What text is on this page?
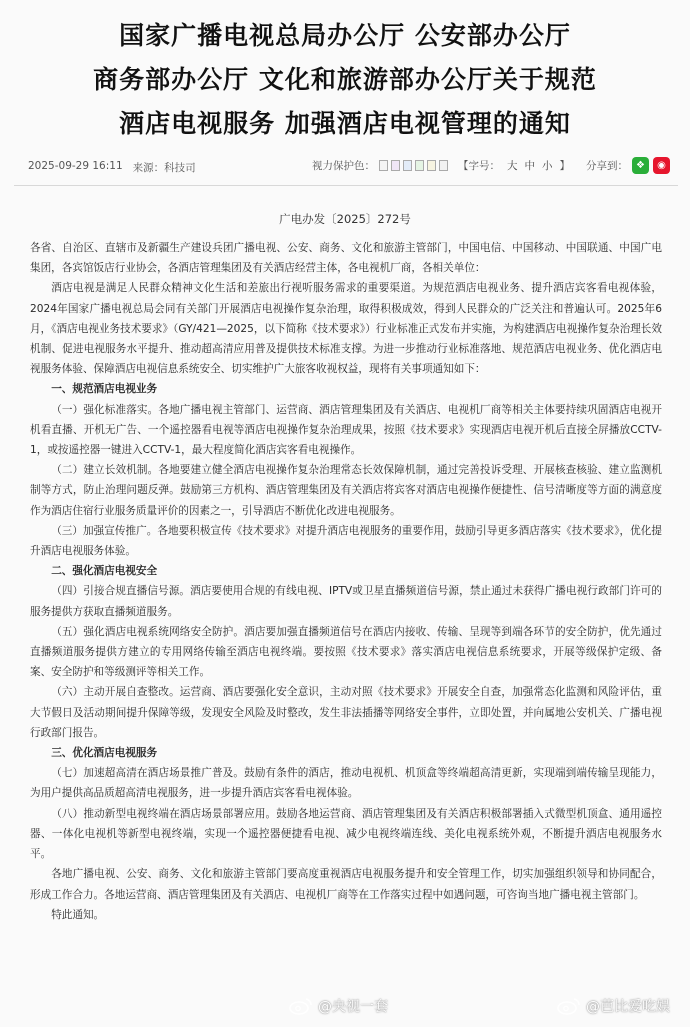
国家广播电视总局办公厅 公安部办公厅
商务部办公厅 文化和旅游部办公厅关于规范
酒店电视服务 加强酒店电视管理的通知
2025-09-29 16:11 来源：科技司	视力保护色：	【字号： 大 中 小 】 分享到： ❖	◉
广电办发〔2025〕272号

各省、自治区、直辖市及新疆生产建设兵团广播电视、公安、商务、文化和旅游主管部门，中国电信、中国移动、中国联通、中国广电集团，各宾馆饭店行业协会，各酒店管理集团及有关酒店经营主体，各电视机厂商，各相关单位：

酒店电视是满足人民群众精神文化生活和差旅出行视听服务需求的重要渠道。为规范酒店电视业务、提升酒店宾客看电视体验，2024年国家广播电视总局会同有关部门开展酒店电视操作复杂治理，取得积极成效，得到人民群众的广泛关注和普遍认可。2025年6月，《酒店电视业务技术要求》（GY/421—2025，以下简称《技术要求》）行业标准正式发布并实施，为构建酒店电视操作复杂治理长效机制、促进电视服务水平提升、推动超高清应用普及提供技术标准支撑。为进一步推动行业标准落地、规范酒店电视业务、优化酒店电视服务体验、保障酒店电视信息系统安全、切实维护广大旅客收视权益，现将有关事项通知如下：

一、规范酒店电视业务

（一）强化标准落实。各地广播电视主管部门、运营商、酒店管理集团及有关酒店、电视机厂商等相关主体要持续巩固酒店电视开机看直播、开机无广告、一个遥控器看电视等酒店电视操作复杂治理成果，按照《技术要求》实现酒店电视开机后直接全屏播放CCTV-1，或按遥控器一键进入CCTV-1，最大程度简化酒店宾客看电视操作。

（二）建立长效机制。各地要建立健全酒店电视操作复杂治理常态长效保障机制，通过完善投诉受理、开展核查核验、建立监测机制等方式，防止治理问题反弹。鼓励第三方机构、酒店管理集团及有关酒店将宾客对酒店电视操作便捷性、信号清晰度等方面的满意度作为酒店住宿行业服务质量评价的因素之一，引导酒店不断优化改进电视服务。

（三）加强宣传推广。各地要积极宣传《技术要求》对提升酒店电视服务的重要作用，鼓励引导更多酒店落实《技术要求》，优化提升酒店电视服务体验。

二、强化酒店电视安全

（四）引接合规直播信号源。酒店要使用合规的有线电视、IPTV或卫星直播频道信号源，禁止通过未获得广播电视行政部门许可的服务提供方获取直播频道服务。

（五）强化酒店电视系统网络安全防护。酒店要加强直播频道信号在酒店内接收、传输、呈现等到端各环节的安全防护，优先通过直播频道服务提供方建立的专用网络传输至酒店电视终端。要按照《技术要求》落实酒店电视信息系统要求，开展等级保护定级、备案、安全防护和等级测评等相关工作。

（六）主动开展自查整改。运营商、酒店要强化安全意识，主动对照《技术要求》开展安全自查，加强常态化监测和风险评估，重大节假日及活动期间提升保障等级，发现安全风险及时整改，发生非法插播等网络安全事件，立即处置，并向属地公安机关、广播电视行政部门报告。

三、优化酒店电视服务

（七）加速超高清在酒店场景推广普及。鼓励有条件的酒店，推动电视机、机顶盒等终端超高清更新，实现端到端传输呈现能力，为用户提供高品质超高清电视服务，进一步提升酒店宾客看电视体验。

（八）推动新型电视终端在酒店场景部署应用。鼓励各地运营商、酒店管理集团及有关酒店积极部署插入式微型机顶盒、通用遥控器、一体化电视机等新型电视终端，实现一个遥控器便捷看电视、减少电视终端连线、美化电视系统外观，不断提升酒店电视服务水平。

各地广播电视、公安、商务、文化和旅游主管部门要高度重视酒店电视服务提升和安全管理工作，切实加强组织领导和协同配合，形成工作合力。各地运营商、酒店管理集团及有关酒店、电视机厂商等在工作落实过程中如遇问题，可咨询当地广播电视主管部门。

特此通知。

@央视一套	@芭比爱吃娱
